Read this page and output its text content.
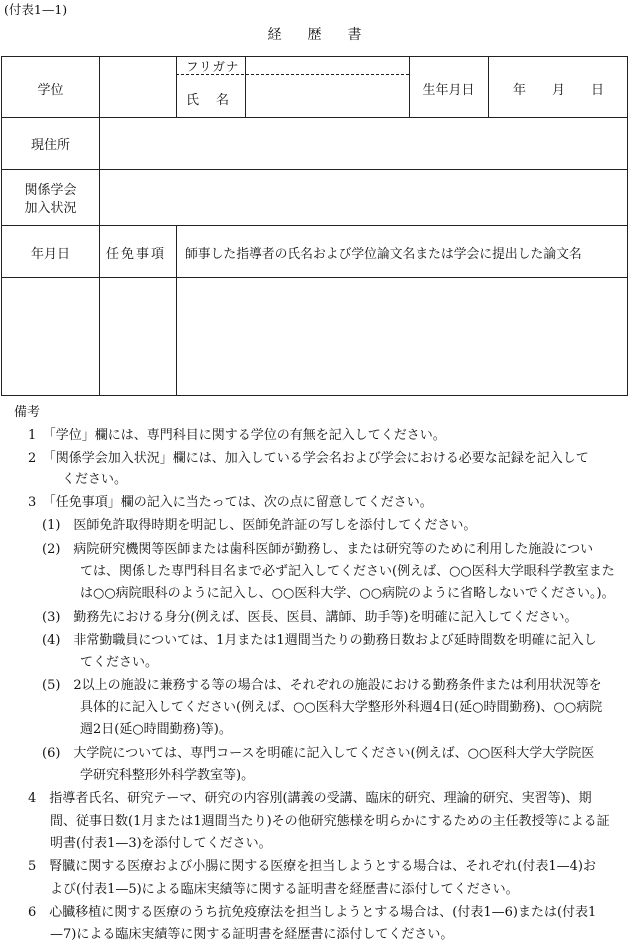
(付表1—1)
経歴書
学位
フリガナ
氏　名
生年月日	年　　月　　日
現住所
関係学会
加入状況
年月日	任免事項 師事した指導者の氏名および学位論文名または学会に提出した論文名
備考
1　「学位」欄には、専門科目に関する学位の有無を記入してください。
2　「関係学会加入状況」欄には、加入している学会名および学会における必要な記録を記入して
ください。
3　「任免事項」欄の記入に当たっては、次の点に留意してください。
(1)　医師免許取得時期を明記し、医師免許証の写しを添付してください。
(2)　病院研究機関等医師または歯科医師が勤務し、または研究等のために利用した施設につい
ては、関係した専門科目名まで必ず記入してください(例えば、○○医科大学眼科学教室また
は○○病院眼科のように記入し、○○医科大学、○○病院のように省略しないでください。)。
(3)　勤務先における身分(例えば、医長、医員、講師、助手等)を明確に記入してください。
(4)　非常勤職員については、1月または1週間当たりの勤務日数および延時間数を明確に記入し
てください。
(5)　2以上の施設に兼務する等の場合は、それぞれの施設における勤務条件または利用状況等を
具体的に記入してください(例えば、○○医科大学整形外科週4日(延○時間勤務)、○○病院
週2日(延○時間勤務)等)。
(6)　大学院については、専門コースを明確に記入してください(例えば、○○医科大学大学院医
学研究科整形外科学教室等)。
4　指導者氏名、研究テーマ、研究の内容別(講義の受講、臨床的研究、理論的研究、実習等)、期
間、従事日数(1月または1週間当たり)その他研究態様を明らかにするための主任教授等による証
明書(付表1—3)を添付してください。
5　腎臓に関する医療および小腸に関する医療を担当しようとする場合は、それぞれ(付表1—4)お
よび(付表1—5)による臨床実績等に関する証明書を経歴書に添付してください。
6　心臓移植に関する医療のうち抗免疫療法を担当しようとする場合は、(付表1—6)または(付表1
—7)による臨床実績等に関する証明書を経歴書に添付してください。
